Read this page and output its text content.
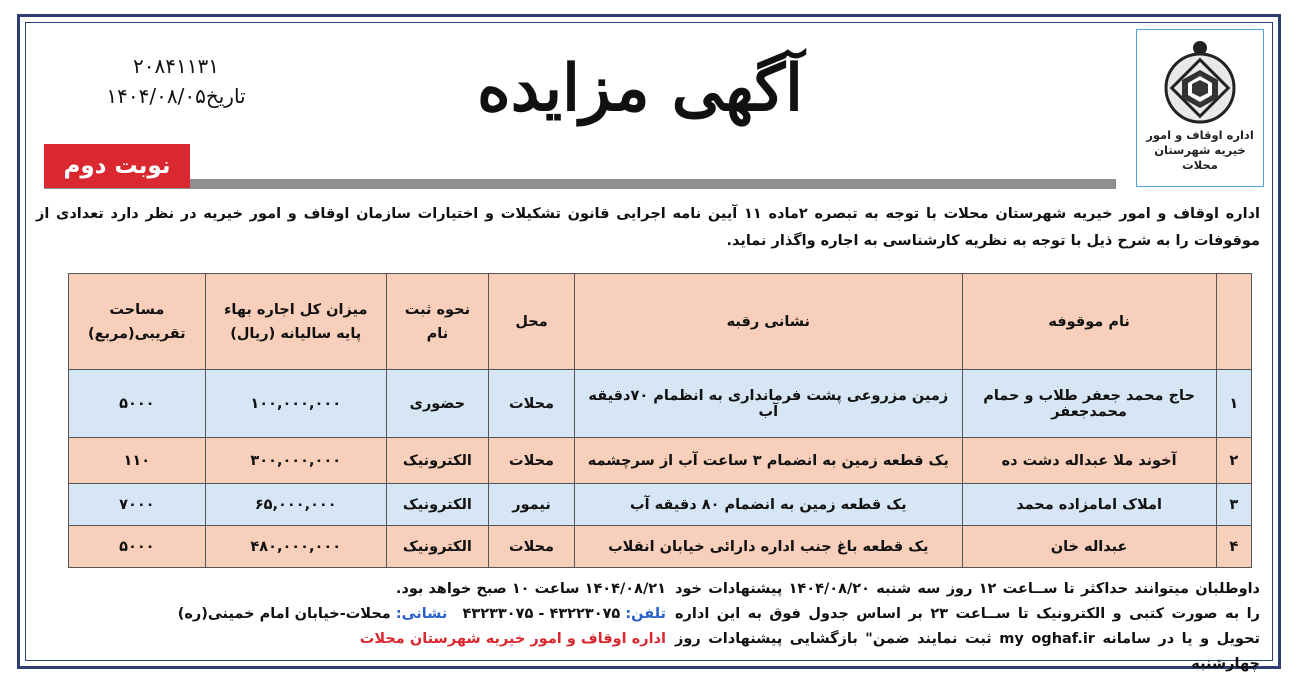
اداره اوقاف و امور خیریه شهرستان محلات
آگهی مزایده
۲۰۸۴۱۱۳۱
تاریخ۱۴۰۴/۰۸/۰۵
نوبت دوم
اداره اوقاف و امور خیریه شهرستان محلات با توجه به تبصره ۲ماده ۱۱ آیین نامه اجرایی قانون تشکیلات و اختیارات سازمان اوقاف و امور خیریه در نظر دارد تعدادی از موقوفات را به شرح ذیل با توجه به نظریه کارشناسی به اجاره واگذار نماید.
	نام موقوفه	نشانی رقبه	محل	نحوه ثبت نام	میزان کل اجاره بهاء پایه سالیانه (ریال)	مساحت تقریبی(مربع)
۱	حاج محمد جعفر طلاب و حمام محمدجعفر	زمین مزروعی پشت فرمانداری به انظمام ۷۰دقیقه آب	محلات	حضوری	۱۰۰,۰۰۰,۰۰۰	۵۰۰۰
۲	آخوند ملا عبداله دشت ده	یک قطعه زمین به انضمام ۳ ساعت آب از سرچشمه	محلات	الکترونیک	۳۰۰,۰۰۰,۰۰۰	۱۱۰
۳	املاک امامزاده محمد	یک قطعه زمین به انضمام ۸۰ دقیقه آب	نیمور	الکترونیک	۶۵,۰۰۰,۰۰۰	۷۰۰۰
۴	عبداله خان	یک قطعه باغ جنب اداره دارائی خیابان انقلاب	محلات	الکترونیک	۴۸۰,۰۰۰,۰۰۰	۵۰۰۰
داوطلبان میتوانند حداکثر تا ســاعت ۱۲ روز سه شنبه ۱۴۰۴/۰۸/۲۰ پیشنهادات خود را به صورت کتبی و الکترونیک تا ســاعت ۲۳ بر اساس جدول فوق به این اداره تحویل و یا در سامانه my oghaf.ir ثبت نمایند ضمن" بازگشایی پیشنهادات روز چهارشنبه
۱۴۰۴/۰۸/۲۱ ساعت ۱۰ صبح خواهد بود.
تلفن: ۴۳۲۲۳۰۷۵ - ۴۳۲۳۳۰۷۵   نشانی: محلات-خیابان امام خمینی(ره)
اداره اوقاف و امور خیریه شهرستان محلات
